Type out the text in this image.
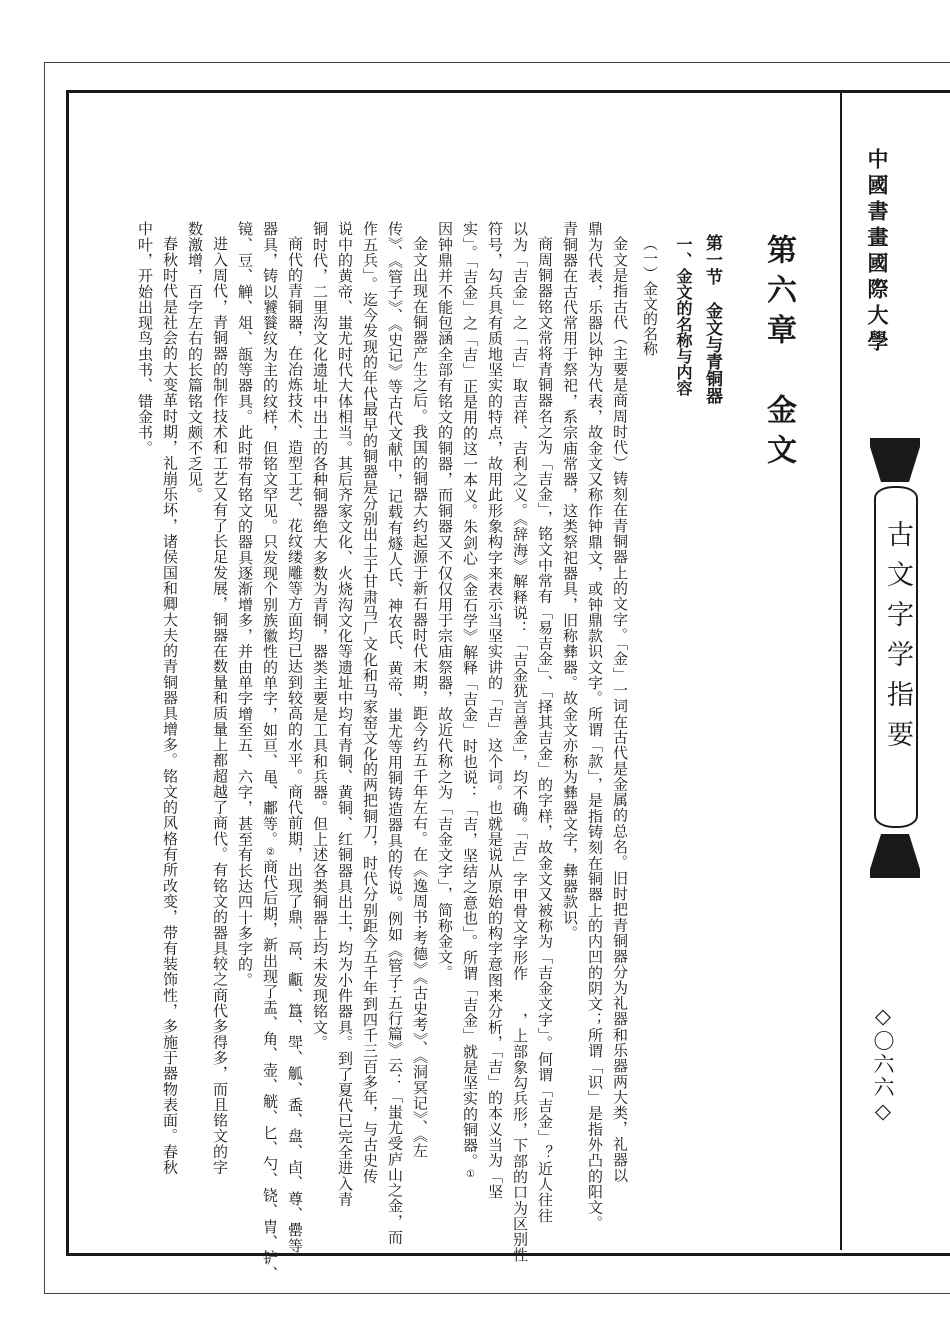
中國書畫國際大學
古文字学指要
◇〇六六◇
第六章　金文
第一节　金文与青铜器
一、金文的名称与内容
（一）金文的名称
金文是指古代（主要是商周时代）铸刻在青铜器上的文字。「金」一词在古代是金属的总名。旧时把青铜器分为礼器和乐器两大类，礼器以
鼎为代表，乐器以钟为代表，故金文又称作钟鼎文，或钟鼎款识文字。所谓「款」，是指铸刻在铜器上的内凹的阴文；所谓「识」是指外凸的阳文。
青铜器在古代常用于祭祀，系宗庙常器，这类祭祀器具，旧称彝器。故金文亦称为彝器文字，彝器款识。
商周铜器铭文常将青铜器名之为「吉金」，铭文中常有「易吉金」、「择其吉金」的字样，故金文又被称为「吉金文字」。何谓「吉金」？近人往往
以为「吉金」之「吉」取吉祥、吉利之义。《辞海》解释说：「吉金犹言善金」，均不确。「吉」字甲骨文字形作　　，上部象勾兵形，下部的口为区别性
符号，勾兵具有质地坚实的特点，故用此形象构字来表示当坚实讲的「吉」这个词。也就是说从原始的构字意图来分析，「吉」的本义当为「坚
实」。「吉金」之「吉」正是用的这一本义。朱剑心《金石学》解释「吉金」时也说：「吉，坚结之意也」。所谓「吉金」就是坚实的铜器。①
因钟鼎并不能包涵全部有铭文的铜器，而铜器又不仅仅用于宗庙祭器，故近代称之为「吉金文字」，简称金文。
金文出现在铜器产生之后。我国的铜器大约起源于新石器时代末期，距今约五千年左右。在《逸周书·考德》《古史考》、《洞冥记》、《左
传》、《管子》、《史记》等古代文献中，记载有燧人氏、神农氏、黄帝、蚩尤等用铜铸造器具的传说。例如《管子·五行篇》云：「蚩尤受庐山之金，而
作五兵」。迄今发现的年代最早的铜器是分别出土于甘肃马厂文化和马家窑文化的两把铜刀，时代分别距今五千年到四千三百多年，与古史传
说中的黄帝、蚩尤时代大体相当。其后齐家文化、火烧沟文化等遗址中均有青铜、黄铜、红铜器具出土，均为小件器具。到了夏代已完全进入青
铜时代，二里沟文化遗址中出土的各种铜器绝大多数为青铜，器类主要是工具和兵器。但上述各类铜器上均未发现铭文。
商代的青铜器，在冶炼技术、造型工艺、花纹缕雕等方面均已达到较高的水平。商代前期，出现了鼎、鬲、甗、簋、斝、觚、盉、盘、卣、尊、罍等
器具，铸以饕餮纹为主的纹样，但铭文罕见。只发现个别族徽性的单字，如亘、黾、鄘等。②商代后期，新出现了盂、角、壶、觥、匕、勺、铙、胄、铲、
镜、豆、觯、俎、瓿等器具。此时带有铭文的器具逐渐增多，并由单字增至五、六字，甚至有长达四十多字的。
进入周代，青铜器的制作技术和工艺又有了长足发展，铜器在数量和质量上都超越了商代。有铭文的器具较之商代多得多，而且铭文的字
数激增，百字左右的长篇铭文颇不乏见。
春秋时代是社会的大变革时期，礼崩乐坏，诸侯国和卿大夫的青铜器具增多。铭文的风格有所改变，带有装饰性，多施于器物表面。春秋
中叶，开始出现鸟虫书、错金书。
